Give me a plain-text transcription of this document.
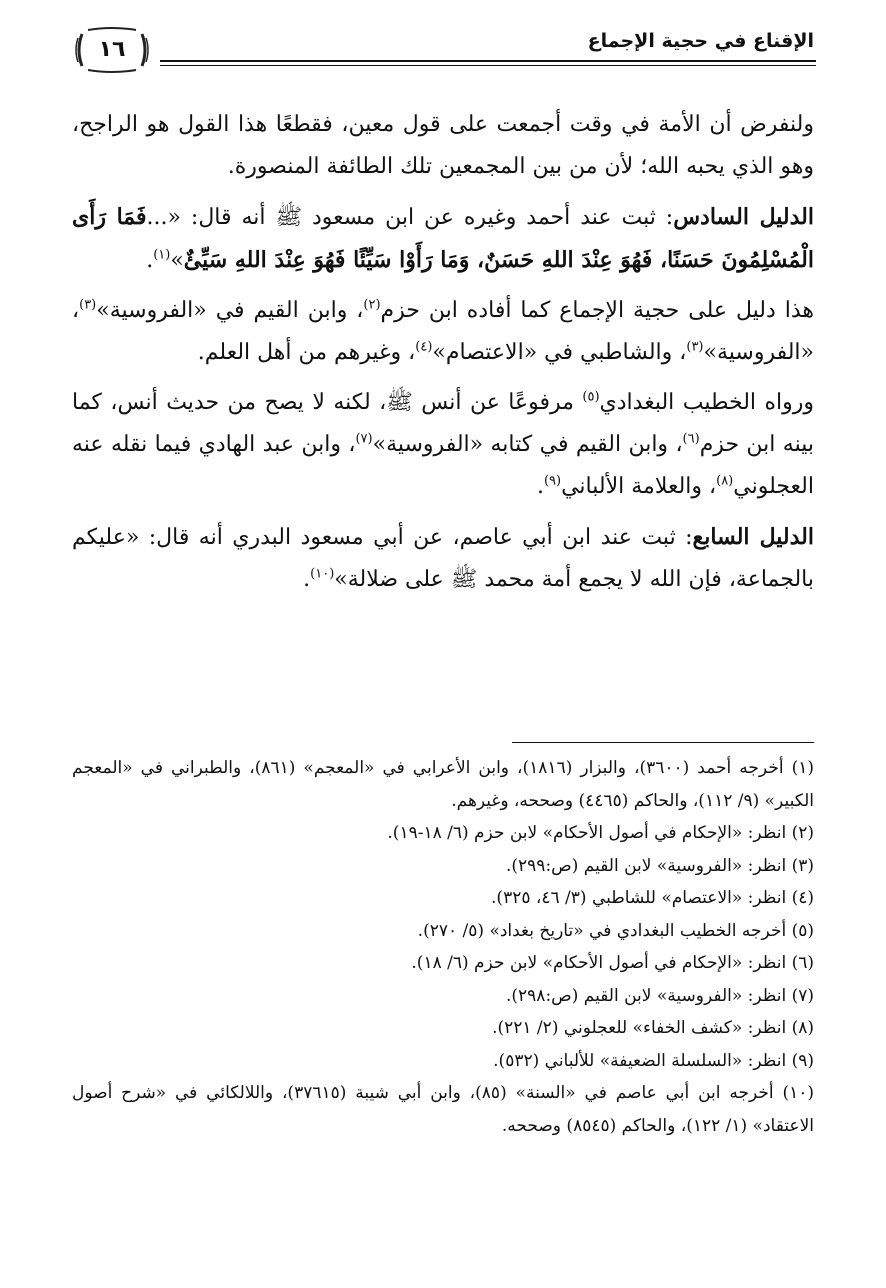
١٦	الإقناع في حجية الإجماع

ولنفرض أن الأمة في وقت أجمعت على قول معين، فقطعًا هذا القول هو الراجح، وهو الذي يحبه الله؛ لأن من بين المجمعين تلك الطائفة المنصورة.

الدليل السادس: ثبت عند أحمد وغيره عن ابن مسعود ﷺ أنه قال: «...فَمَا رَأَى الْمُسْلِمُونَ حَسَنًا، فَهُوَ عِنْدَ اللهِ حَسَنٌ، وَمَا رَأَوْا سَيِّئًا فَهُوَ عِنْدَ اللهِ سَيِّئٌ»$^{(١)}$.

هذا دليل على حجية الإجماع كما أفاده ابن حزم$^{(٢)}$، وابن القيم في «الفروسية»$^{(٣)}$، «الفروسية»$^{(٣)}$، والشاطبي في «الاعتصام»$^{(٤)}$، وغيرهم من أهل العلم.

ورواه الخطيب البغدادي$^{(٥)}$ مرفوعًا عن أنس ﷺ، لكنه لا يصح من حديث أنس، كما بينه ابن حزم$^{(٦)}$، وابن القيم في كتابه «الفروسية»$^{(٧)}$، وابن عبد الهادي فيما نقله عنه العجلوني$^{(٨)}$، والعلامة الألباني$^{(٩)}$.

الدليل السابع: ثبت عند ابن أبي عاصم، عن أبي مسعود البدري أنه قال: «عليكم بالجماعة، فإن الله لا يجمع أمة محمد ﷺ على ضلالة»$^{(١٠)}$.

(١) أخرجه أحمد (٣٦٠٠)، والبزار (١٨١٦)، وابن الأعرابي في «المعجم» (٨٦١)، والطبراني في «المعجم الكبير» (٩/ ١١٢)، والحاكم (٤٤٦٥) وصححه، وغيرهم.

(٢) انظر: «الإحكام في أصول الأحكام» لابن حزم (٦/ ١٨-١٩).

(٣) انظر: «الفروسية» لابن القيم (ص:٢٩٩).

(٤) انظر: «الاعتصام» للشاطبي (٣/ ٤٦، ٣٢٥).

(٥) أخرجه الخطيب البغدادي في «تاريخ بغداد» (٥/ ٢٧٠).

(٦) انظر: «الإحكام في أصول الأحكام» لابن حزم (٦/ ١٨).

(٧) انظر: «الفروسية» لابن القيم (ص:٢٩٨).

(٨) انظر: «كشف الخفاء» للعجلوني (٢/ ٢٢١).

(٩) انظر: «السلسلة الضعيفة» للألباني (٥٣٢).

(١٠) أخرجه ابن أبي عاصم في «السنة» (٨٥)، وابن أبي شيبة (٣٧٦١٥)، واللالكائي في «شرح أصول الاعتقاد» (١/ ١٢٢)، والحاكم (٨٥٤٥) وصححه.
